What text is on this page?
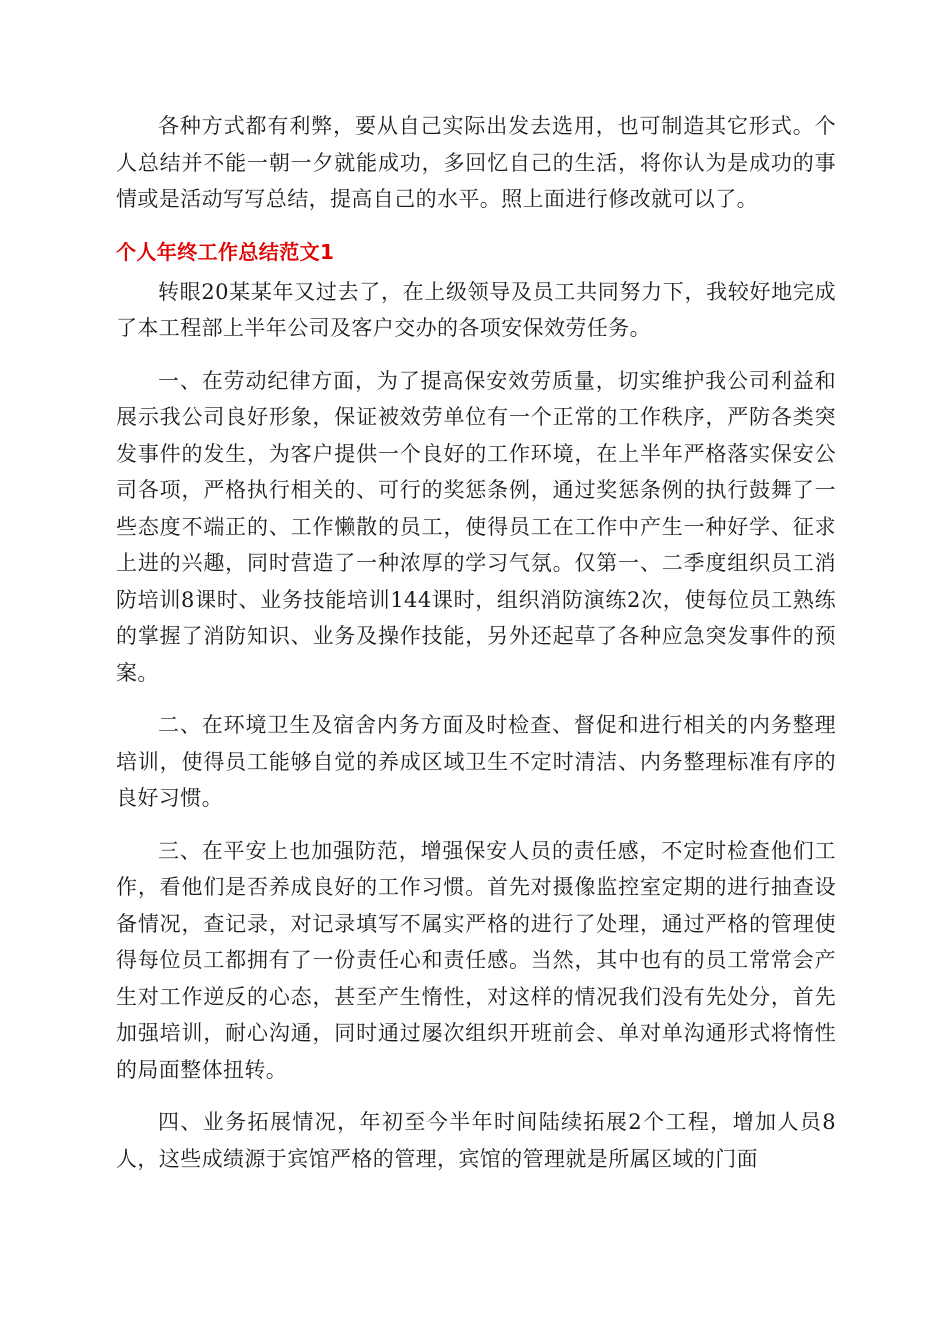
各种方式都有利弊，要从自己实际出发去选用，也可制造其它形式。个人总结并不能一朝一夕就能成功，多回忆自己的生活，将你认为是成功的事情或是活动写写总结，提高自己的水平。照上面进行修改就可以了。

个人年终工作总结范文1

转眼20某某年又过去了，在上级领导及员工共同努力下，我较好地完成了本工程部上半年公司及客户交办的各项安保效劳任务。

一、在劳动纪律方面，为了提高保安效劳质量，切实维护我公司利益和展示我公司良好形象，保证被效劳单位有一个正常的工作秩序，严防各类突发事件的发生，为客户提供一个良好的工作环境，在上半年严格落实保安公司各项，严格执行相关的、可行的奖惩条例，通过奖惩条例的执行鼓舞了一些态度不端正的、工作懒散的员工，使得员工在工作中产生一种好学、征求上进的兴趣，同时营造了一种浓厚的学习气氛。仅第一、二季度组织员工消防培训8课时、业务技能培训144课时，组织消防演练2次，使每位员工熟练的掌握了消防知识、业务及操作技能，另外还起草了各种应急突发事件的预案。

二、在环境卫生及宿舍内务方面及时检查、督促和进行相关的内务整理培训，使得员工能够自觉的养成区域卫生不定时清洁、内务整理标准有序的良好习惯。

三、在平安上也加强防范，增强保安人员的责任感，不定时检查他们工作，看他们是否养成良好的工作习惯。首先对摄像监控室定期的进行抽查设备情况，查记录，对记录填写不属实严格的进行了处理，通过严格的管理使得每位员工都拥有了一份责任心和责任感。当然，其中也有的员工常常会产生对工作逆反的心态，甚至产生惰性，对这样的情况我们没有先处分，首先加强培训，耐心沟通，同时通过屡次组织开班前会、单对单沟通形式将惰性的局面整体扭转。

四、业务拓展情况，年初至今半年时间陆续拓展2个工程，增加人员8人，这些成绩源于宾馆严格的管理，宾馆的管理就是所属区域的门面
